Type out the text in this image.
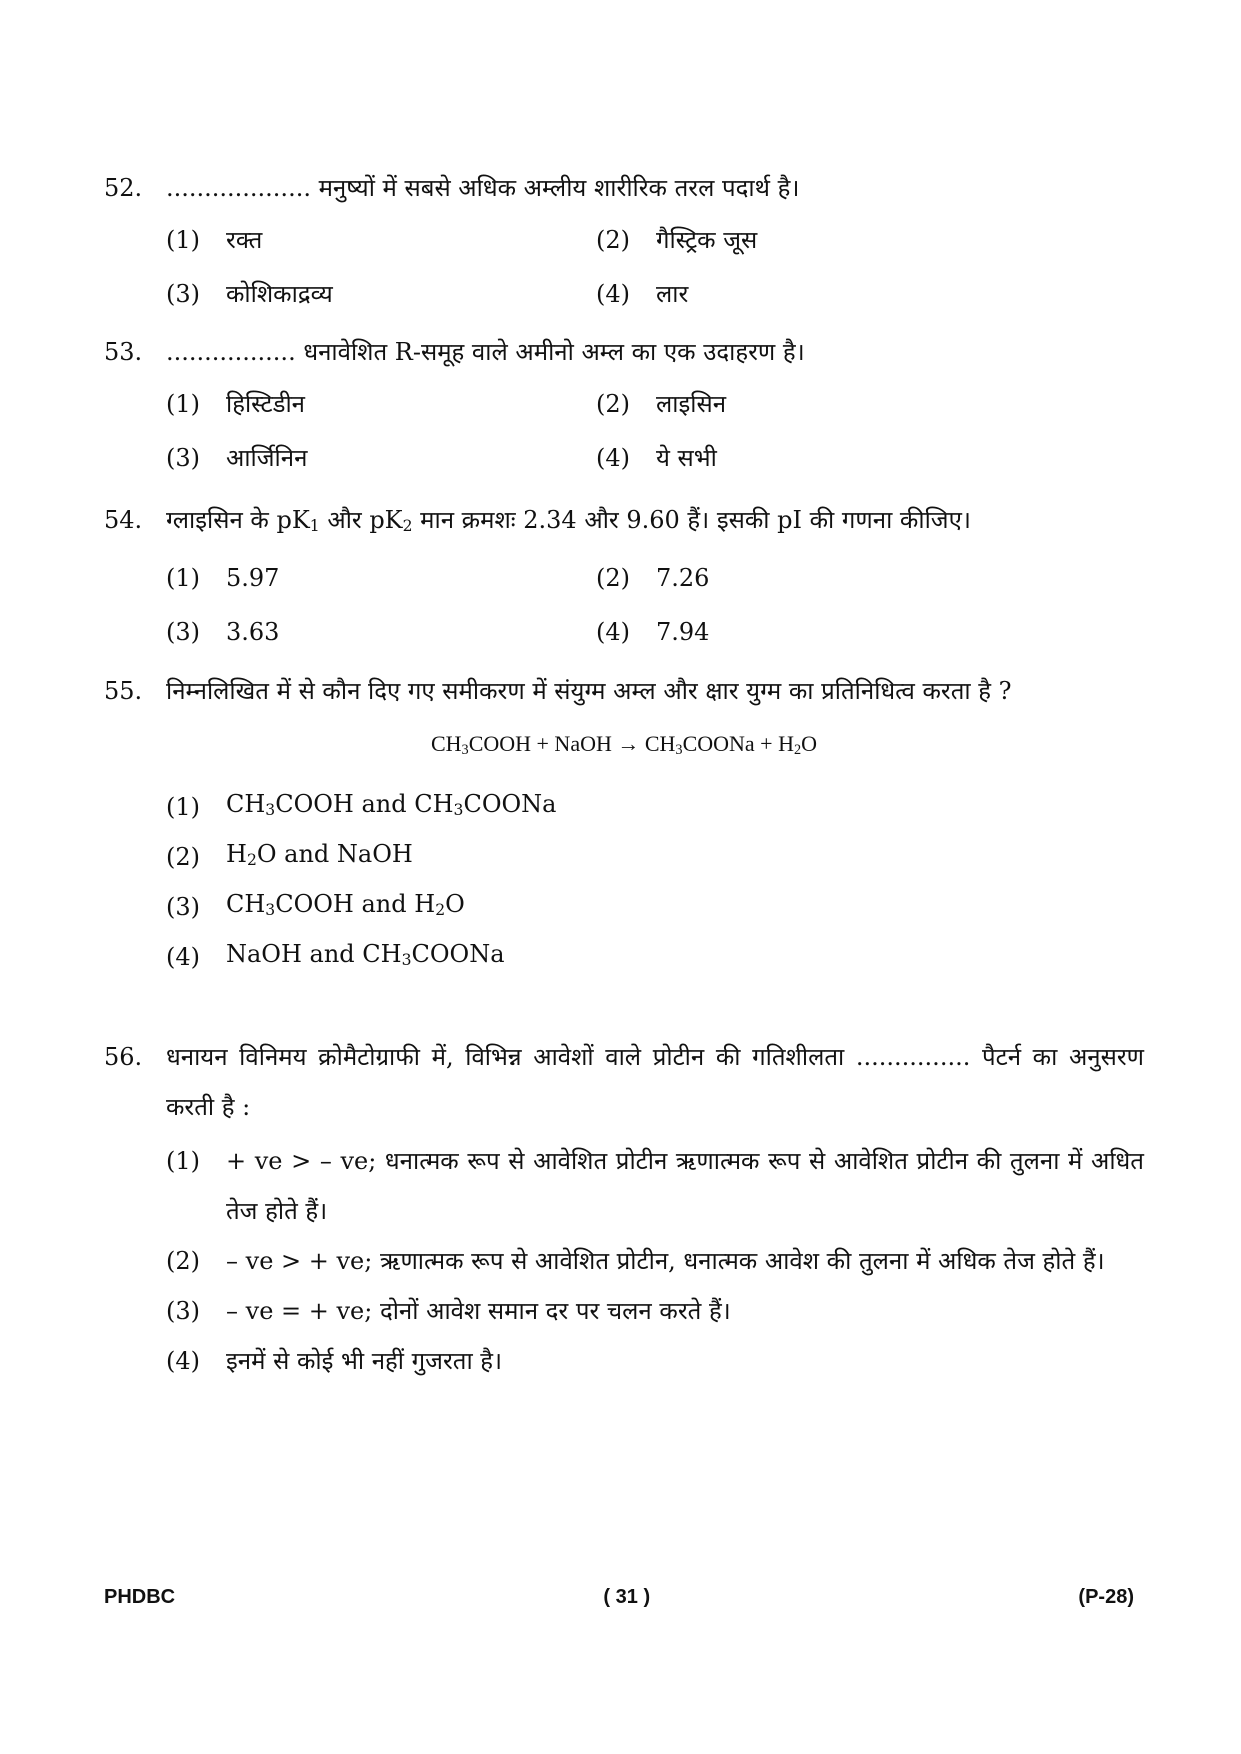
52. ................... मनुष्यों में सबसे अधिक अम्लीय शारीरिक तरल पदार्थ है।
(1)	रक्त	(2)	गैस्ट्रिक जूस
(3)	कोशिकाद्रव्य	(4)	लार
53. ................. धनावेशित R-समूह वाले अमीनो अम्ल का एक उदाहरण है।
(1)	हिस्टिडीन	(2)	लाइसिन
(3)	आर्जिनिन	(4)	ये सभी
54. ग्लाइसिन के $pK_1$ और $pK_2$ मान क्रमशः 2.34 और 9.60 हैं। इसकी pI की गणना कीजिए।
(1)	5.97	(2)	7.26
(3)	3.63	(4)	7.94
55. निम्नलिखित में से कौन दिए गए समीकरण में संयुग्म अम्ल और क्षार युग्म का प्रतिनिधित्व करता है ?
$CH_3COOH$ + NaOH → $CH_3COONa + H_2O$
(1)	$CH_3COOH$ and $CH_3COONa$
(2)	$H_2O$ and NaOH
(3)	$CH_3COOH$ and $H_2O$
(4)	NaOH and $CH_3COONa$
56. धनायन विनिमय क्रोमैटोग्राफी में, विभिन्न आवेशों वाले प्रोटीन की गतिशीलता ............... पैटर्न का अनुसरण करती है :
(1)	+ ve > – ve; धनात्मक रूप से आवेशित प्रोटीन ऋणात्मक रूप से आवेशित प्रोटीन की तुलना में अधित तेज होते हैं।
(2)	– ve > + ve; ऋणात्मक रूप से आवेशित प्रोटीन, धनात्मक आवेश की तुलना में अधिक तेज होते हैं।
(3)	– ve = + ve; दोनों आवेश समान दर पर चलन करते हैं।
(4)	इनमें से कोई भी नहीं गुजरता है।
PHDBC	( 31 )	(P-28)
